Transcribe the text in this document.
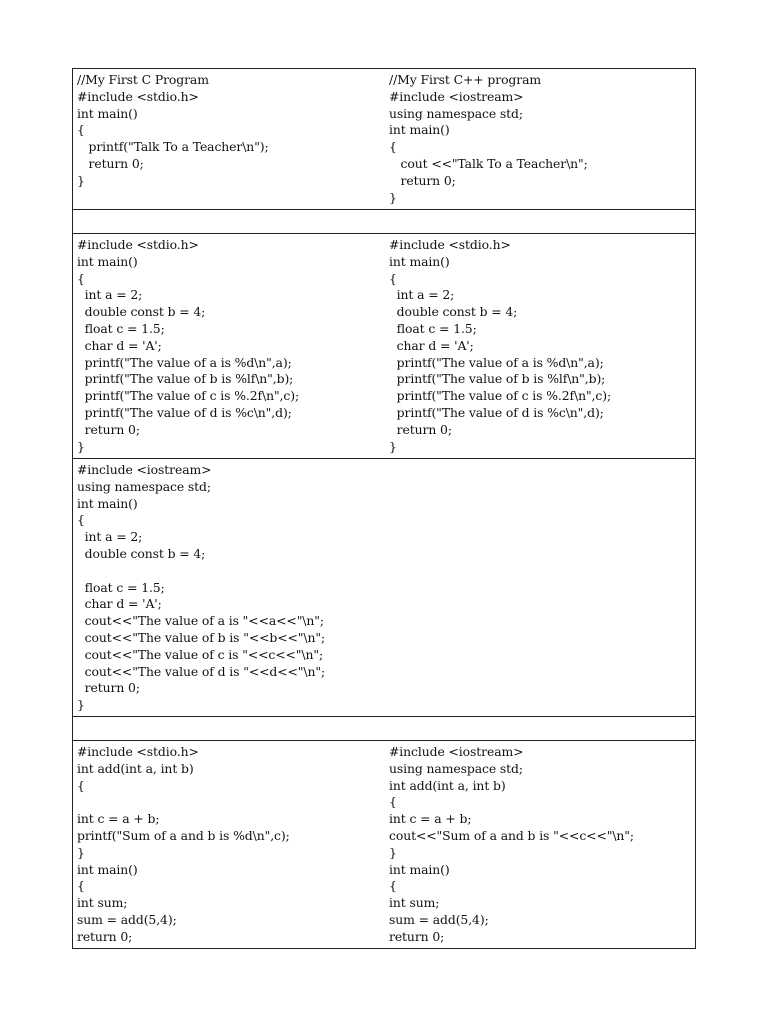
//My First C Program
#include <stdio.h>
int main()
{
printf("Talk To a Teacher\n");
return 0;
}
//My First C++ program
#include <iostream>
using namespace std;
int main()
{
cout <<"Talk To a Teacher\n";
return 0;
}
#include <stdio.h>
int main()
{
int a = 2;
double const b = 4;
float c = 1.5;
char d = 'A';
printf("The value of a is %d\n",a);
printf("The value of b is %lf\n",b);
printf("The value of c is %.2f\n",c);
printf("The value of d is %c\n",d);
return 0;
}
#include <stdio.h>
int main()
{
int a = 2;
double const b = 4;
float c = 1.5;
char d = 'A';
printf("The value of a is %d\n",a);
printf("The value of b is %lf\n",b);
printf("The value of c is %.2f\n",c);
printf("The value of d is %c\n",d);
return 0;
}
#include <iostream>
using namespace std;
int main()
{
int a = 2;
double const b = 4;

float c = 1.5;
char d = 'A';
cout<<"The value of a is "<<a<<"\n";
cout<<"The value of b is "<<b<<"\n";
cout<<"The value of c is "<<c<<"\n";
cout<<"The value of d is "<<d<<"\n";
return 0;
}
#include <stdio.h>
int add(int a, int b)
{

int c = a + b;
printf("Sum of a and b is %d\n",c);
}
int main()
{
int sum;
sum = add(5,4);
return 0;
#include <iostream>
using namespace std;
int add(int a, int b)
{
int c = a + b;
cout<<"Sum of a and b is "<<c<<"\n";
}
int main()
{
int sum;
sum = add(5,4);
return 0;
